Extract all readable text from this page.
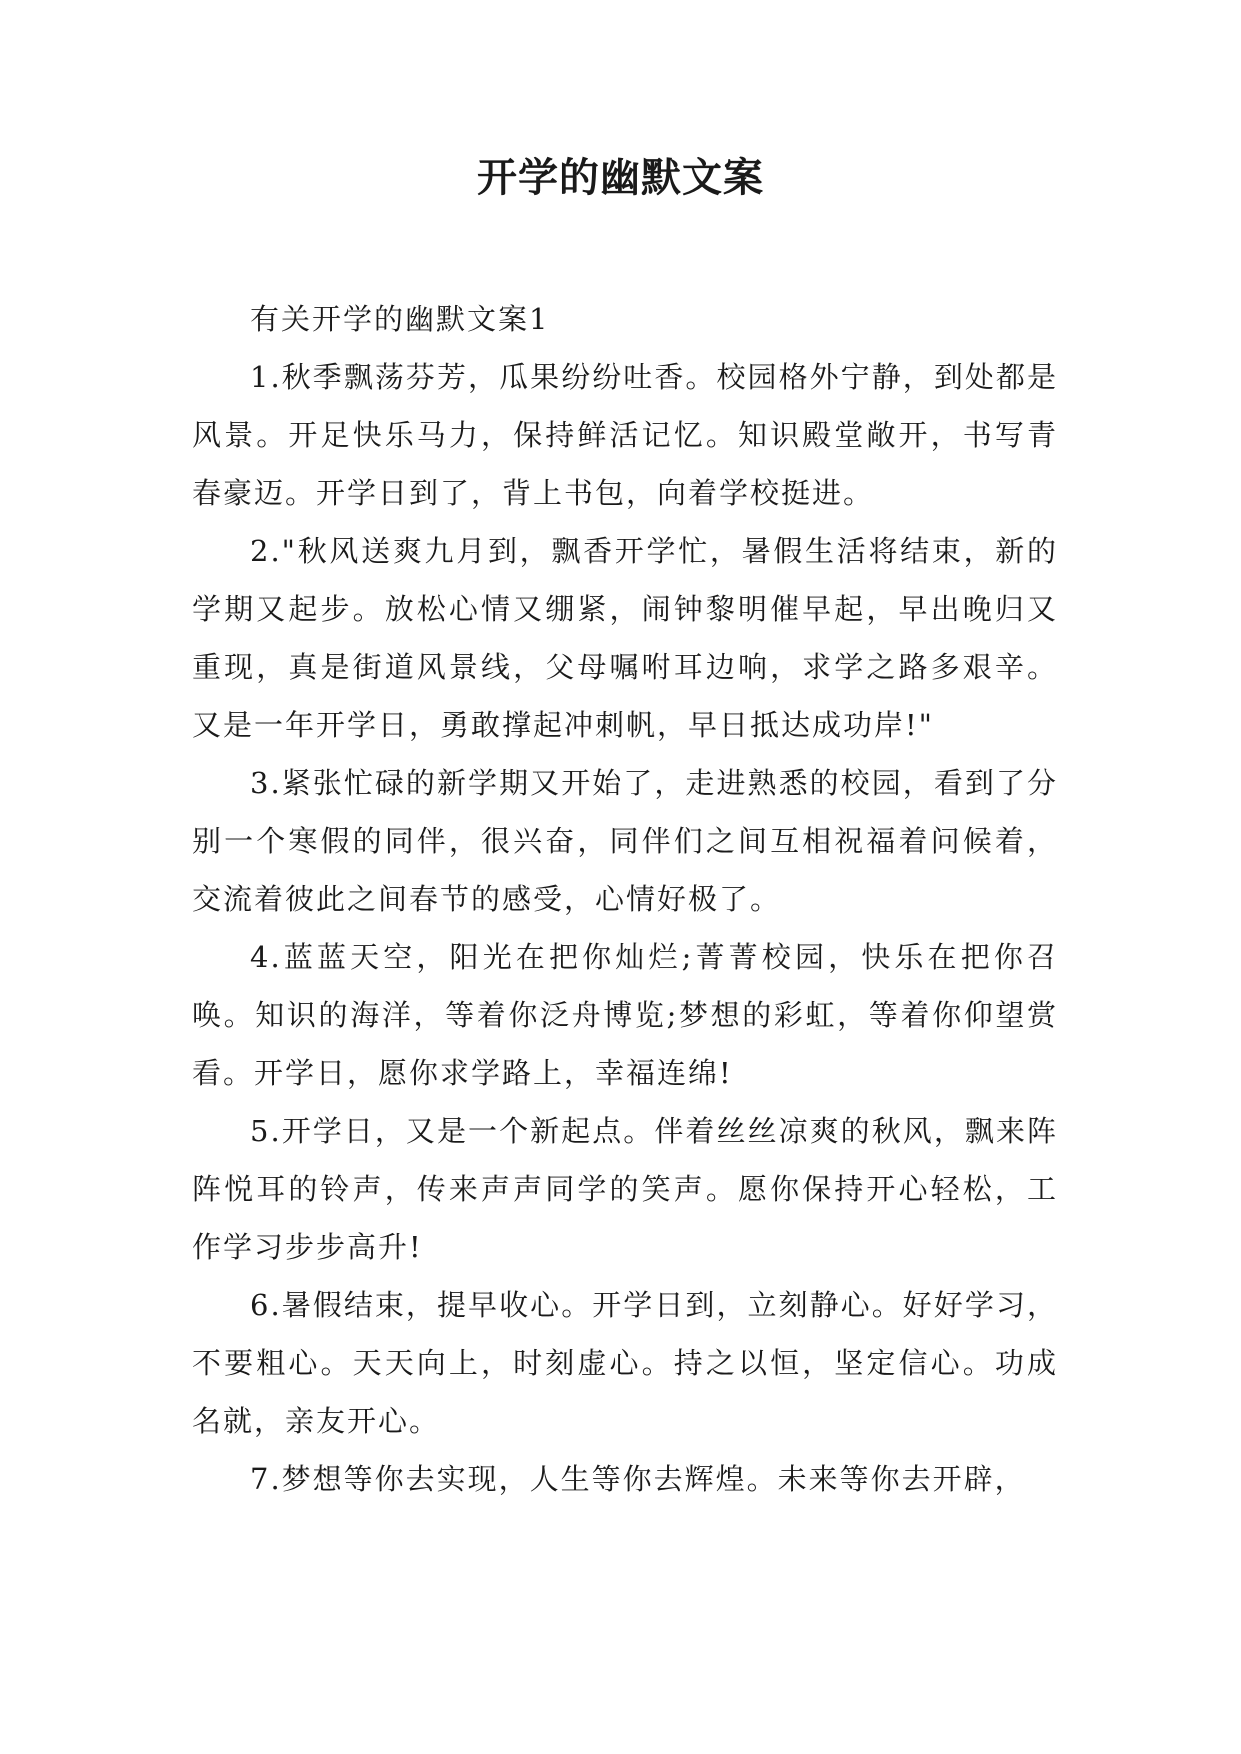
开学的幽默文案

有关开学的幽默文案1

1.秋季飘荡芬芳，瓜果纷纷吐香。校园格外宁静，到处都是风景。开足快乐马力，保持鲜活记忆。知识殿堂敞开，书写青春豪迈。开学日到了，背上书包，向着学校挺进。

2."秋风送爽九月到，飘香开学忙，暑假生活将结束，新的学期又起步。放松心情又绷紧，闹钟黎明催早起，早出晚归又重现，真是街道风景线，父母嘱咐耳边响，求学之路多艰辛。又是一年开学日，勇敢撑起冲刺帆，早日抵达成功岸!"

3.紧张忙碌的新学期又开始了，走进熟悉的校园，看到了分别一个寒假的同伴，很兴奋，同伴们之间互相祝福着问候着，交流着彼此之间春节的感受，心情好极了。

4.蓝蓝天空，阳光在把你灿烂;菁菁校园，快乐在把你召唤。知识的海洋，等着你泛舟博览;梦想的彩虹，等着你仰望赏看。开学日，愿你求学路上，幸福连绵!

5.开学日，又是一个新起点。伴着丝丝凉爽的秋风，飘来阵阵悦耳的铃声，传来声声同学的笑声。愿你保持开心轻松，工作学习步步高升!

6.暑假结束，提早收心。开学日到，立刻静心。好好学习，不要粗心。天天向上，时刻虚心。持之以恒，坚定信心。功成名就，亲友开心。

7.梦想等你去实现，人生等你去辉煌。未来等你去开辟，
